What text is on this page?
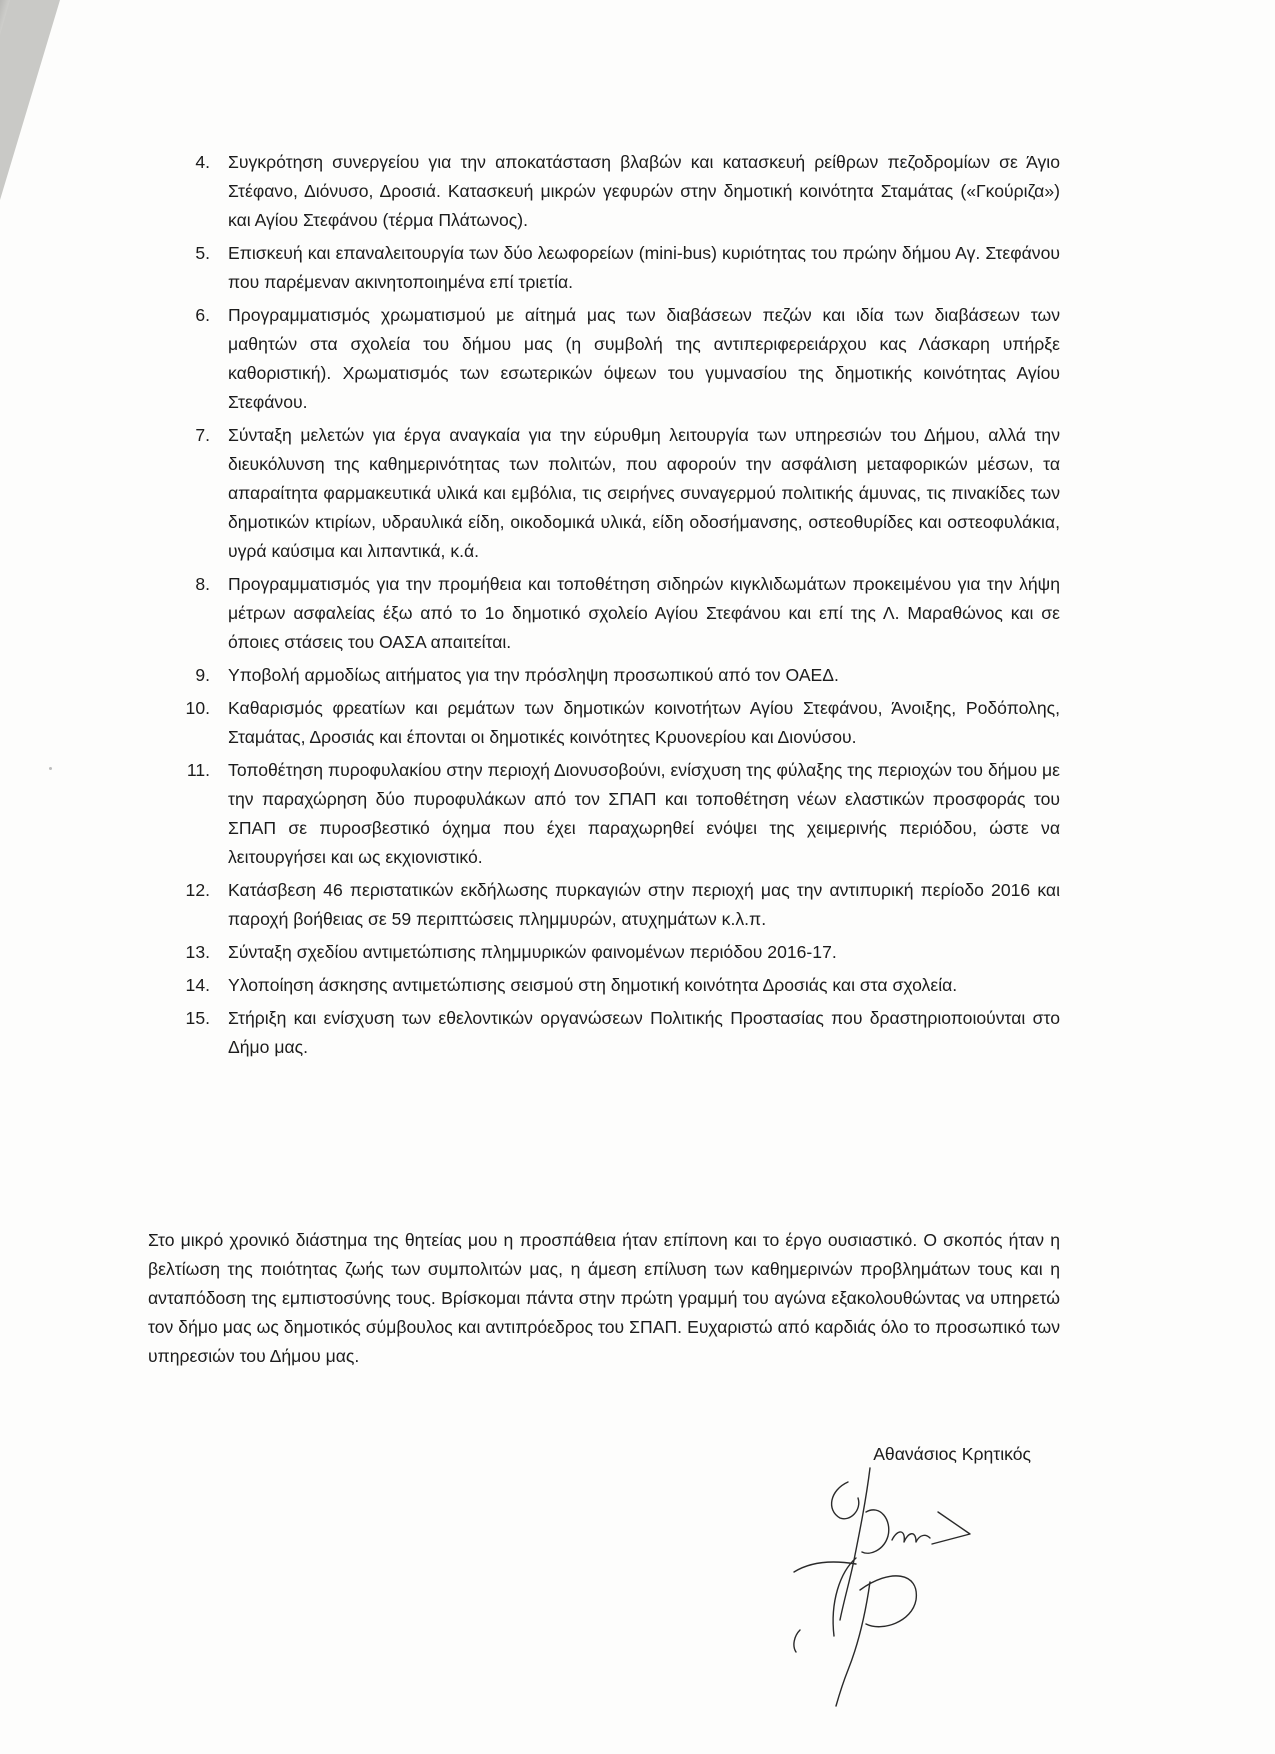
4. Συγκρότηση συνεργείου για την αποκατάσταση βλαβών και κατασκευή ρείθρων πεζοδρομίων σε Άγιο Στέφανο, Διόνυσο, Δροσιά. Κατασκευή μικρών γεφυρών στην δημοτική κοινότητα Σταμάτας («Γκούριζα») και Αγίου Στεφάνου (τέρμα Πλάτωνος).
5. Επισκευή και επαναλειτουργία των δύο λεωφορείων (mini-bus) κυριότητας του πρώην δήμου Αγ. Στεφάνου που παρέμεναν ακινητοποιημένα επί τριετία.
6. Προγραμματισμός χρωματισμού με αίτημά μας των διαβάσεων πεζών και ιδία των διαβάσεων των μαθητών στα σχολεία του δήμου μας (η συμβολή της αντιπεριφερειάρχου κας Λάσκαρη υπήρξε καθοριστική). Χρωματισμός των εσωτερικών όψεων του γυμνασίου της δημοτικής κοινότητας Αγίου Στεφάνου.
7. Σύνταξη μελετών για έργα αναγκαία για την εύρυθμη λειτουργία των υπηρεσιών του Δήμου, αλλά την διευκόλυνση της καθημερινότητας των πολιτών, που αφορούν την ασφάλιση μεταφορικών μέσων, τα απαραίτητα φαρμακευτικά υλικά και εμβόλια, τις σειρήνες συναγερμού πολιτικής άμυνας, τις πινακίδες των δημοτικών κτιρίων, υδραυλικά είδη, οικοδομικά υλικά, είδη οδοσήμανσης, οστεοθυρίδες και οστεοφυλάκια, υγρά καύσιμα και λιπαντικά, κ.ά.
8. Προγραμματισμός για την προμήθεια και τοποθέτηση σιδηρών κιγκλιδωμάτων προκειμένου για την λήψη μέτρων ασφαλείας έξω από το 1ο δημοτικό σχολείο Αγίου Στεφάνου και επί της Λ. Μαραθώνος και σε όποιες στάσεις του ΟΑΣΑ απαιτείται.
9. Υποβολή αρμοδίως αιτήματος για την πρόσληψη προσωπικού από τον ΟΑΕΔ.
10. Καθαρισμός φρεατίων και ρεμάτων των δημοτικών κοινοτήτων Αγίου Στεφάνου, Άνοιξης, Ροδόπολης, Σταμάτας, Δροσιάς και έπονται οι δημοτικές κοινότητες Κρυονερίου και Διονύσου.
11. Τοποθέτηση πυροφυλακίου στην περιοχή Διονυσοβούνι, ενίσχυση της φύλαξης της περιοχών του δήμου με την παραχώρηση δύο πυροφυλάκων από τον ΣΠΑΠ και τοποθέτηση νέων ελαστικών προσφοράς του ΣΠΑΠ σε πυροσβεστικό όχημα που έχει παραχωρηθεί ενόψει της χειμερινής περιόδου, ώστε να λειτουργήσει και ως εκχιονιστικό.
12. Κατάσβεση 46 περιστατικών εκδήλωσης πυρκαγιών στην περιοχή μας την αντιπυρική περίοδο 2016 και παροχή βοήθειας σε 59 περιπτώσεις πλημμυρών, ατυχημάτων κ.λ.π.
13. Σύνταξη σχεδίου αντιμετώπισης πλημμυρικών φαινομένων περιόδου 2016-17.
14. Υλοποίηση άσκησης αντιμετώπισης σεισμού στη δημοτική κοινότητα Δροσιάς και στα σχολεία.
15. Στήριξη και ενίσχυση των εθελοντικών οργανώσεων Πολιτικής Προστασίας που δραστηριοποιούνται στο Δήμο μας.

Στο μικρό χρονικό διάστημα της θητείας μου η προσπάθεια ήταν επίπονη και το έργο ουσιαστικό. Ο σκοπός ήταν η βελτίωση της ποιότητας ζωής των συμπολιτών μας, η άμεση επίλυση των καθημερινών προβλημάτων τους και η ανταπόδοση της εμπιστοσύνης τους. Βρίσκομαι πάντα στην πρώτη γραμμή του αγώνα εξακολουθώντας να υπηρετώ τον δήμο μας ως δημοτικός σύμβουλος και αντιπρόεδρος του ΣΠΑΠ. Ευχαριστώ από καρδιάς όλο το προσωπικό των υπηρεσιών του Δήμου μας.

Αθανάσιος Κρητικός
